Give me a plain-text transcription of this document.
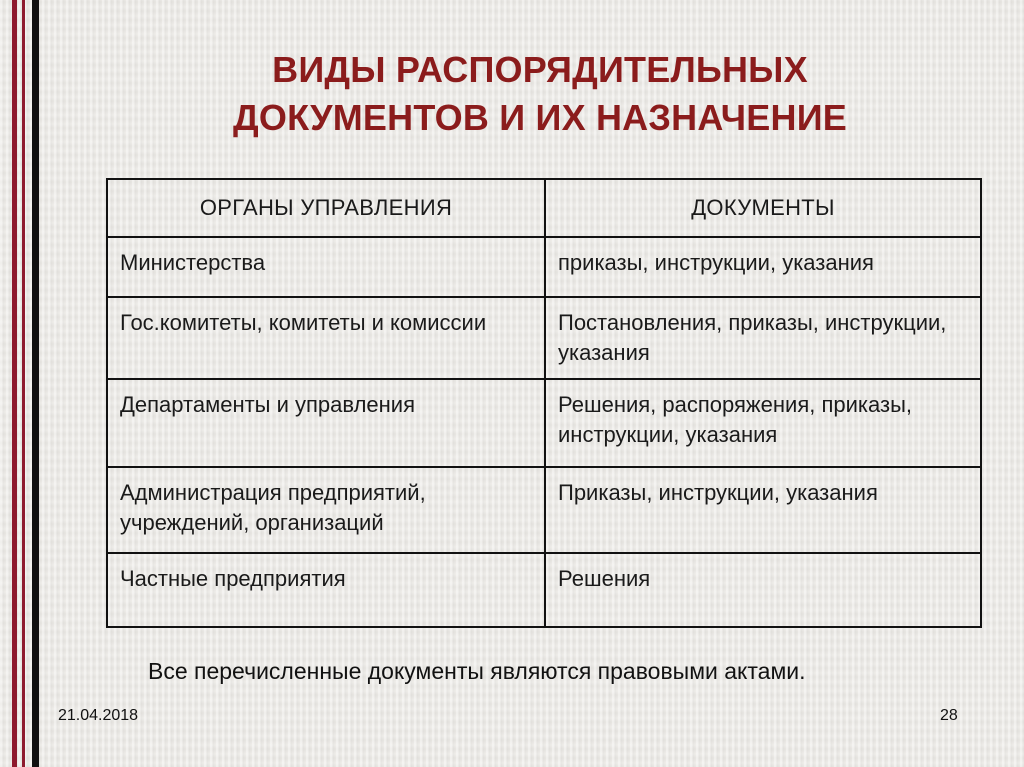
ВИДЫ РАСПОРЯДИТЕЛЬНЫХ
ДОКУМЕНТОВ И ИХ НАЗНАЧЕНИЕ
ОРГАНЫ УПРАВЛЕНИЯ	ДОКУМЕНТЫ
Министерства	приказы, инструкции, указания
Гос.комитеты, комитеты и комиссии	Постановления, приказы, инструкции, указания
Департаменты и управления	Решения, распоряжения, приказы, инструкции, указания
Администрация предприятий, учреждений, организаций	Приказы, инструкции, указания
Частные предприятия	Решения
Все перечисленные документы являются правовыми актами.
21.04.2018	28
